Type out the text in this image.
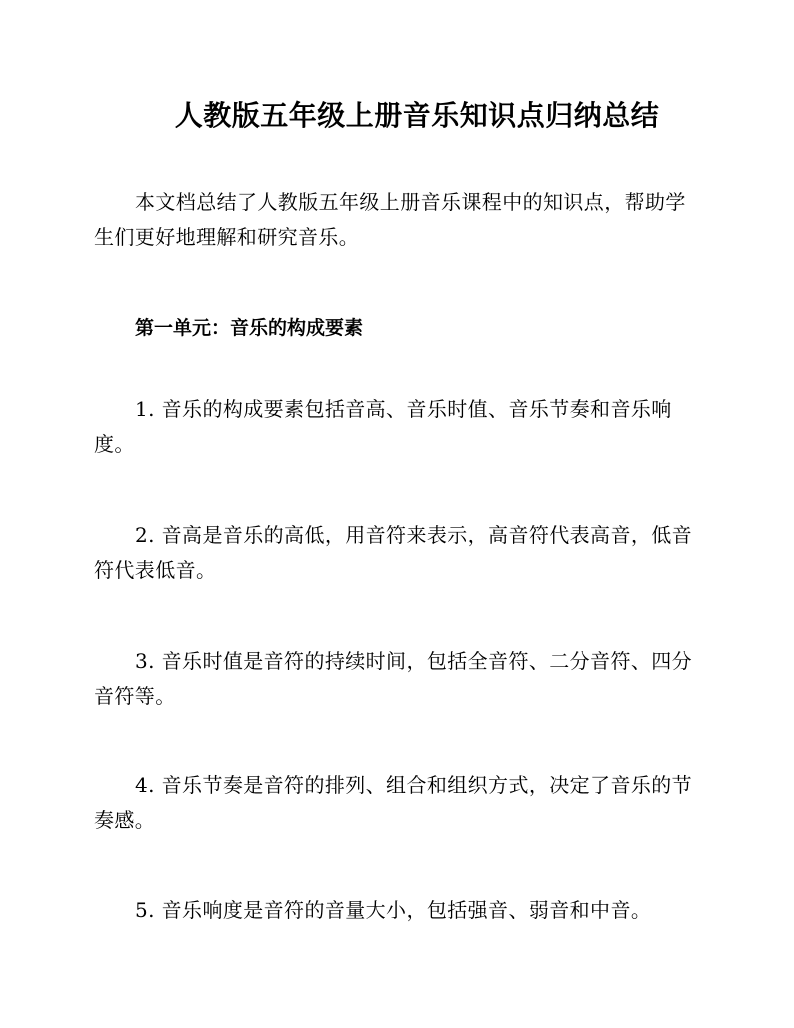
人教版五年级上册音乐知识点归纳总结

本文档总结了人教版五年级上册音乐课程中的知识点，帮助学生们更好地理解和研究音乐。

第一单元：音乐的构成要素

1. 音乐的构成要素包括音高、音乐时值、音乐节奏和音乐响度。

2. 音高是音乐的高低，用音符来表示，高音符代表高音，低音符代表低音。

3. 音乐时值是音符的持续时间，包括全音符、二分音符、四分音符等。

4. 音乐节奏是音符的排列、组合和组织方式，决定了音乐的节奏感。

5. 音乐响度是音符的音量大小，包括强音、弱音和中音。
